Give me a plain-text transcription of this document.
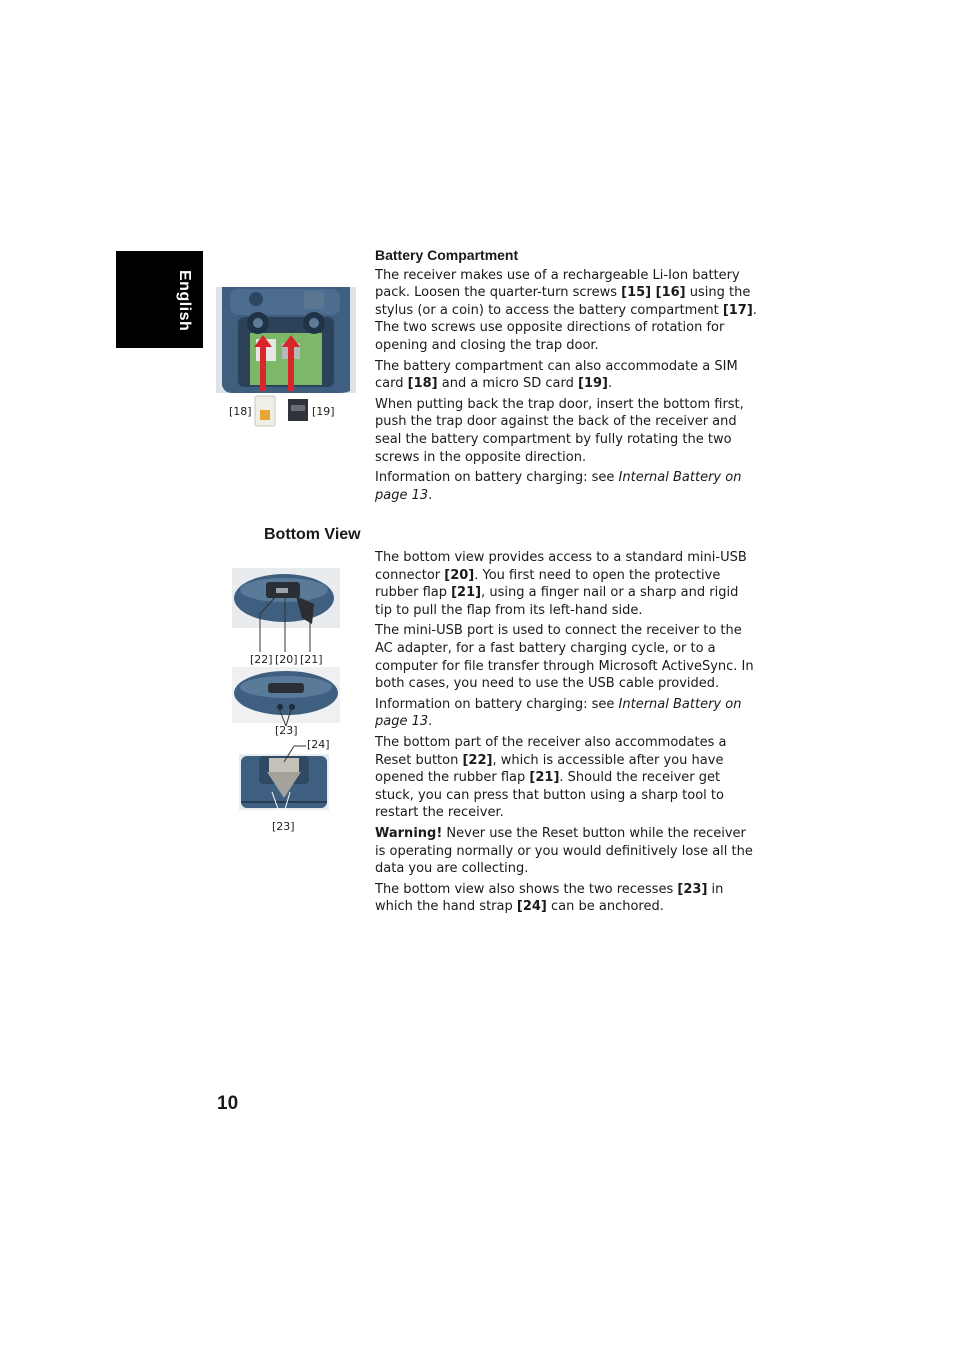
English
[18]	[19]
Battery Compartment

The receiver makes use of a rechargeable Li-Ion battery pack. Loosen the quarter-turn screws [15] [16] using the stylus (or a coin) to access the battery compartment [17]. The two screws use opposite directions of rotation for opening and closing the trap door.

The battery compartment can also accommodate a SIM card [18] and a micro SD card [19].

When putting back the trap door, insert the bottom first, push the trap door against the back of the receiver and seal the battery compartment by fully rotating the two screws in the opposite direction.

Information on battery charging: see Internal Battery on page 13.

Bottom View
[22] [20] [21]
[23]
[24]
[23]

The bottom view provides access to a standard mini-USB connector [20]. You first need to open the protective rubber flap [21], using a finger nail or a sharp and rigid tip to pull the flap from its left-hand side.

The mini-USB port is used to connect the receiver to the AC adapter, for a fast battery charging cycle, or to a computer for file transfer through Microsoft ActiveSync. In both cases, you need to use the USB cable provided.

Information on battery charging: see Internal Battery on page 13.

The bottom part of the receiver also accommodates a Reset button [22], which is accessible after you have opened the rubber flap [21]. Should the receiver get stuck, you can press that button using a sharp tool to restart the receiver.

Warning! Never use the Reset button while the receiver is operating normally or you would definitively lose all the data you are collecting.

The bottom view also shows the two recesses [23] in which the hand strap [24] can be anchored.

10
